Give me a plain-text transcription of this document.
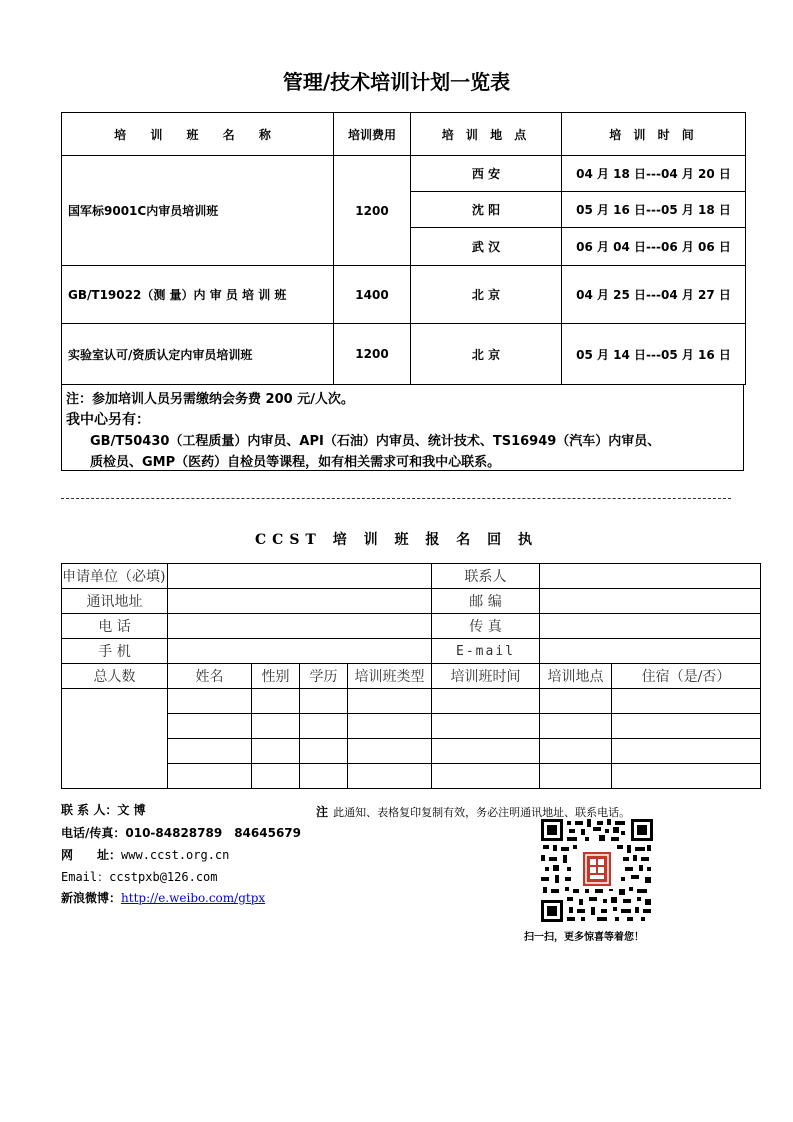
管理/技术培训计划一览表
培 训 班 名 称	培训费用	培 训 地 点	培 训 时 间
国军标9001C内审员培训班	1200	西 安	04 月 18 日---04 月 20 日
		沈 阳	05 月 16 日---05 月 18 日
		武 汉	06 月 04 日---06 月 06 日
GB/T19022（测 量）内 审 员 培 训 班	1400	北 京	04 月 25 日---04 月 27 日
实验室认可/资质认定内审员培训班	1200	北 京	05 月 14 日---05 月 16 日
注：参加培训人员另需缴纳会务费 200 元/人次。
我中心另有：
GB/T50430（工程质量）内审员、API（石油）内审员、统计技术、TS16949（汽车）内审员、
质检员、GMP（医药）自检员等课程，如有相关需求可和我中心联系。
CCST 培 训 班 报 名 回 执
申请单位（必填)					联系人		
通讯地址					邮 编		
电 话					传 真		
手 机					E-mail		
总人数	姓名	性别	学历	培训班类型	培训班时间	培训地点	住宿（是/否）

联 系 人：文 博
电话/传真：010-84828789　84645679
网　　址：www.ccst.org.cn
Email：ccstpxb@126.com
新浪微博：http://e.weibo.com/gtpx
注 此通知、表格复印复制有效，务必注明通讯地址、联系电话。
扫一扫，更多惊喜等着您！
